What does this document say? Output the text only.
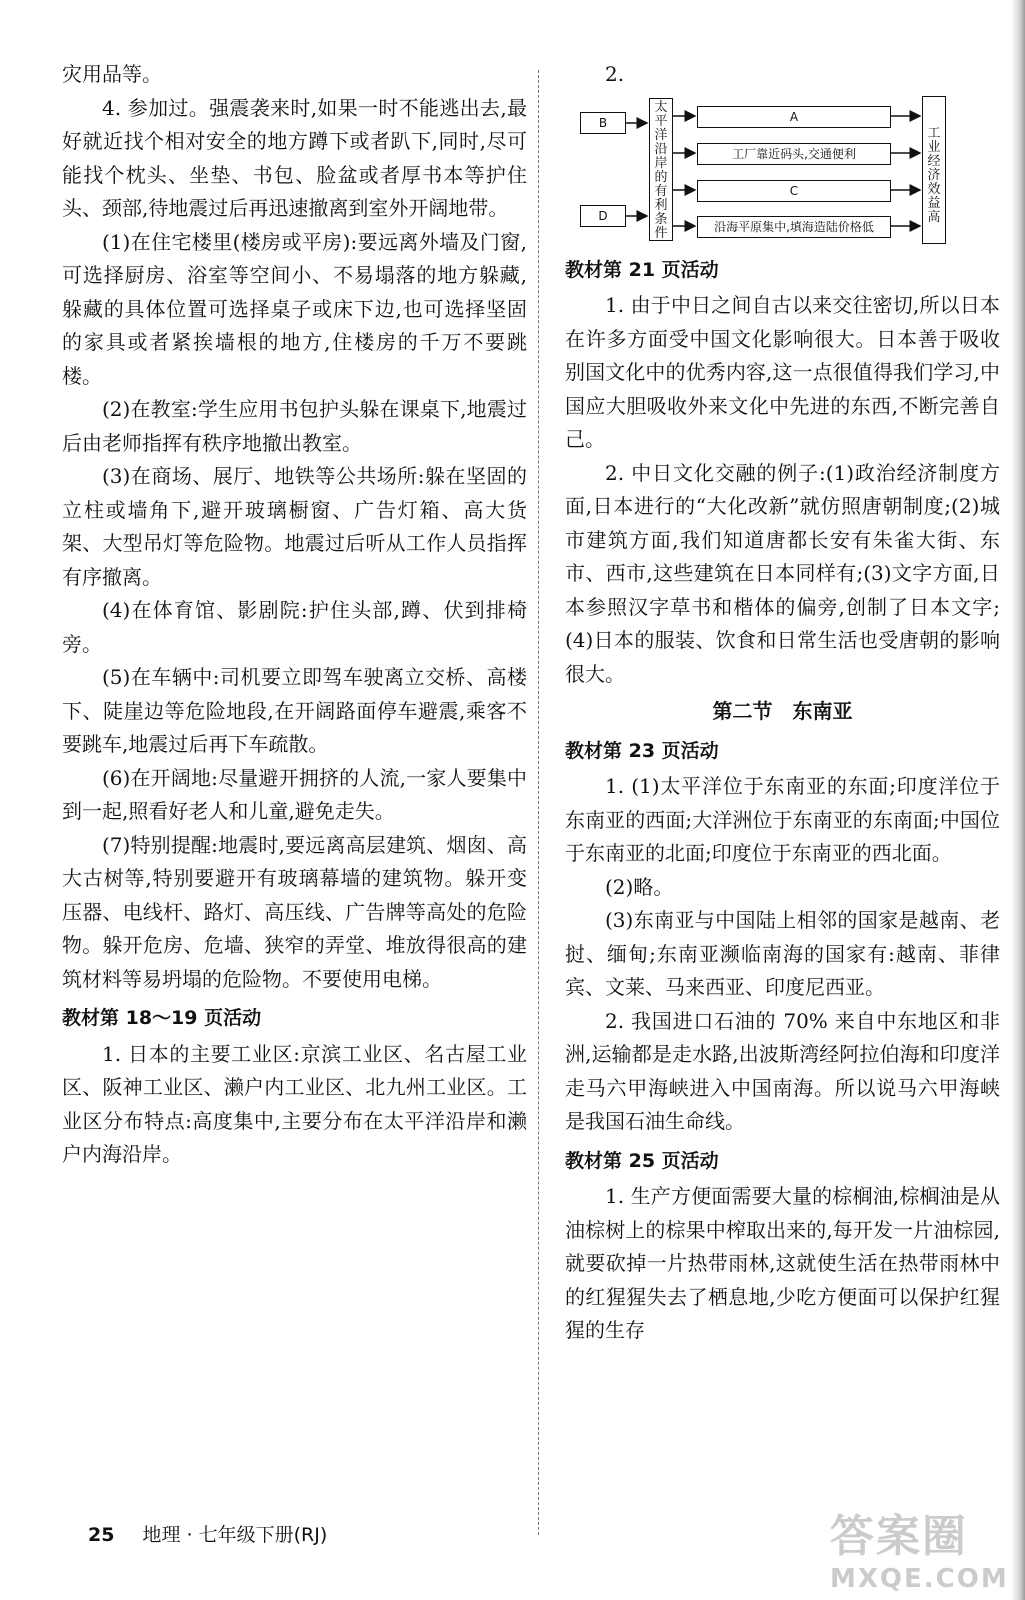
灾用品等。

4. 参加过。强震袭来时,如果一时不能逃出去,最好就近找个相对安全的地方蹲下或者趴下,同时,尽可能找个枕头、坐垫、书包、脸盆或者厚书本等护住头、颈部,待地震过后再迅速撤离到室外开阔地带。

(1)在住宅楼里(楼房或平房):要远离外墙及门窗,可选择厨房、浴室等空间小、不易塌落的地方躲藏,躲藏的具体位置可选择桌子或床下边,也可选择坚固的家具或者紧挨墙根的地方,住楼房的千万不要跳楼。

(2)在教室:学生应用书包护头躲在课桌下,地震过后由老师指挥有秩序地撤出教室。

(3)在商场、展厅、地铁等公共场所:躲在坚固的立柱或墙角下,避开玻璃橱窗、广告灯箱、高大货架、大型吊灯等危险物。地震过后听从工作人员指挥有序撤离。

(4)在体育馆、影剧院:护住头部,蹲、伏到排椅旁。

(5)在车辆中:司机要立即驾车驶离立交桥、高楼下、陡崖边等危险地段,在开阔路面停车避震,乘客不要跳车,地震过后再下车疏散。

(6)在开阔地:尽量避开拥挤的人流,一家人要集中到一起,照看好老人和儿童,避免走失。

(7)特别提醒:地震时,要远离高层建筑、烟囱、高大古树等,特别要避开有玻璃幕墙的建筑物。躲开变压器、电线杆、路灯、高压线、广告牌等高处的危险物。躲开危房、危墙、狭窄的弄堂、堆放得很高的建筑材料等易坍塌的危险物。不要使用电梯。

教材第 18～19 页活动

1. 日本的主要工业区:京滨工业区、名古屋工业区、阪神工业区、濑户内工业区、北九州工业区。工业区分布特点:高度集中,主要分布在太平洋沿岸和濑户内海沿岸。

2.

B
D
太
平
洋
沿
岸
的
有
利
条
件
A
工厂靠近码头,交通便利
C
沿海平原集中,填海造陆价格低
工
业
经
济
效
益
高

教材第 21 页活动

1. 由于中日之间自古以来交往密切,所以日本在许多方面受中国文化影响很大。日本善于吸收别国文化中的优秀内容,这一点很值得我们学习,中国应大胆吸收外来文化中先进的东西,不断完善自己。

2. 中日文化交融的例子:(1)政治经济制度方面,日本进行的“大化改新”就仿照唐朝制度;(2)城市建筑方面,我们知道唐都长安有朱雀大街、东市、西市,这些建筑在日本同样有;(3)文字方面,日本参照汉字草书和楷体的偏旁,创制了日本文字;(4)日本的服装、饮食和日常生活也受唐朝的影响很大。

第二节　东南亚

教材第 23 页活动

1. (1)太平洋位于东南亚的东面;印度洋位于东南亚的西面;大洋洲位于东南亚的东南面;中国位于东南亚的北面;印度位于东南亚的西北面。

(2)略。

(3)东南亚与中国陆上相邻的国家是越南、老挝、缅甸;东南亚濒临南海的国家有:越南、菲律宾、文莱、马来西亚、印度尼西亚。

2. 我国进口石油的 70% 来自中东地区和非洲,运输都是走水路,出波斯湾经阿拉伯海和印度洋走马六甲海峡进入中国南海。所以说马六甲海峡是我国石油生命线。

教材第 25 页活动

1. 生产方便面需要大量的棕榈油,棕榈油是从油棕树上的棕果中榨取出来的,每开发一片油棕园,就要砍掉一片热带雨林,这就使生活在热带雨林中的红猩猩失去了栖息地,少吃方便面可以保护红猩猩的生存

25 地理 · 七年级下册(RJ)	答案圈
MXQE.COM
